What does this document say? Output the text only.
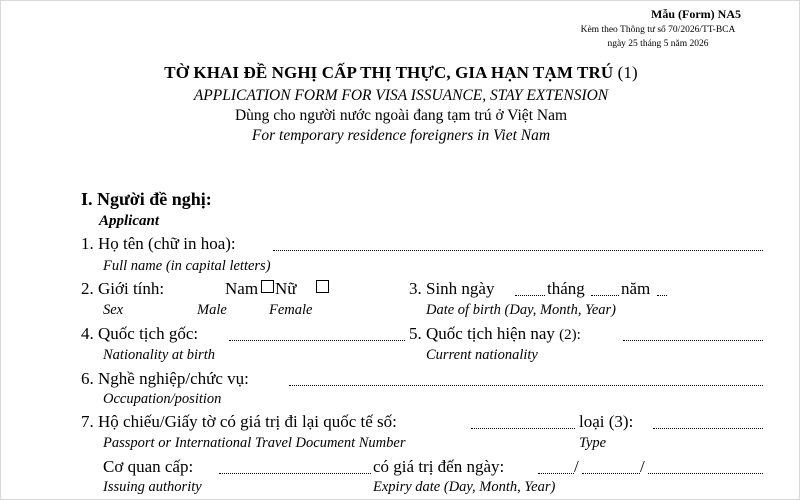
Mẫu (Form) NA5
Kèm theo Thông tư số 70/2026/TT-BCA
ngày 25 tháng 5 năm 2026
TỜ KHAI ĐỀ NGHỊ CẤP THỊ THỰC, GIA HẠN TẠM TRÚ (1)
APPLICATION FORM FOR VISA ISSUANCE, STAY EXTENSION
Dùng cho người nước ngoài đang tạm trú ở Việt Nam
For temporary residence foreigners in Viet Nam
I. Người đề nghị:
Applicant
1. Họ tên (chữ in hoa):
Full name (in capital letters)
2. Giới tính:	Nam Nữ
Sex	Male	Female
3. Sinh ngày	tháng năm
Date of birth (Day, Month, Year)
4. Quốc tịch gốc:
Nationality at birth
5. Quốc tịch hiện nay (2):
Current nationality
6. Nghề nghiệp/chức vụ:
Occupation/position
7. Hộ chiếu/Giấy tờ có giá trị đi lại quốc tế số:	loại (3):
Passport or International Travel Document Number	Type
Cơ quan cấp:	có giá trị đến ngày:	/	/
Issuing authority	Expiry date (Day, Month, Year)
